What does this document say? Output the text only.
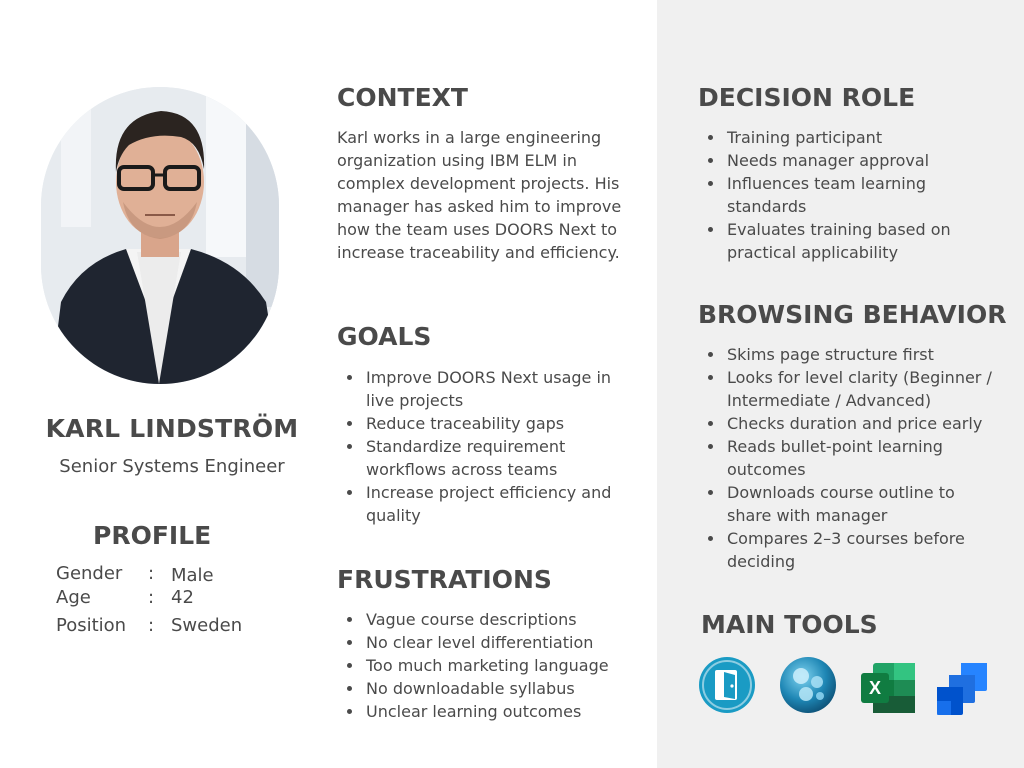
KARL LINDSTRÖM
Senior Systems Engineer
PROFILE
Gender : Male
Age	: 42
Position : Sweden
CONTEXT
Karl works in a large engineering organization using IBM ELM in complex development projects. His manager has asked him to improve how the team uses DOORS Next to increase traceability and efficiency.
GOALS
Improve DOORS Next usage in live projects
Reduce traceability gaps
Standardize requirement workflows across teams
Increase project efficiency and quality
FRUSTRATIONS
Vague course descriptions
No clear level differentiation
Too much marketing language
No downloadable syllabus
Unclear learning outcomes
DECISION ROLE
Training participant
Needs manager approval
Influences team learning standards
Evaluates training based on practical applicability
BROWSING BEHAVIOR
Skims page structure first
Looks for level clarity (Beginner / Intermediate / Advanced)
Checks duration and price early
Reads bullet-point learning outcomes
Downloads course outline to share with manager
Compares 2–3 courses before deciding
MAIN TOOLS
X
